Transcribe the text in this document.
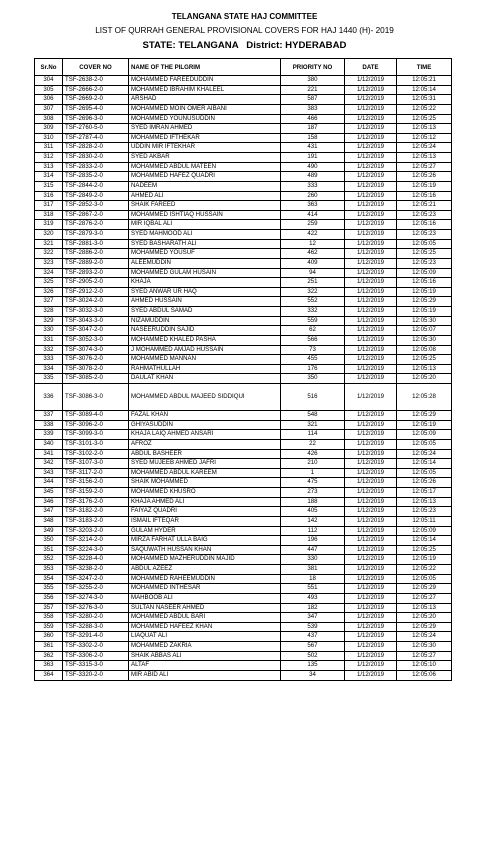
TELANGANA STATE HAJ COMMITTEE
LIST OF QURRAH GENERAL PROVISIONAL COVERS FOR HAJ 1440 (H)- 2019
STATE: TELANGANA   District: HYDERABAD
Sr.No	COVER NO	NAME OF THE PILGRIM	PRIORITY NO	DATE	TIME
304	TSF-2638-2-0	MOHAMMED FAREEDUDDIN	380	1/12/2019	12:05:21
305	TSF-2666-2-0	MOHAMMED IBRAHIM KHALEEL	221	1/12/2019	12:05:14
306	TSF-2669-2-0	ARSHAD	587	1/12/2019	12:05:31
307	TSF-2695-4-0	MOHAMMED MOIN OMER AIBANI	383	1/12/2019	12:05:22
308	TSF-2696-3-0	MOHAMMED YOUNUSUDDIN	466	1/12/2019	12:05:25
309	TSF-2760-5-0	SYED IMRAN AHMED	187	1/12/2019	12:05:13
310	TSF-2787-4-0	MOHAMMED IFTHEKAR	158	1/12/2019	12:05:12
311	TSF-2828-2-0	UDDIN MIR IFTEKHAR	431	1/12/2019	12:05:24
312	TSF-2830-2-0	SYED AKBAR	191	1/12/2019	12:05:13
313	TSF-2833-2-0	MOHAMMED ABDUL MATEEN	490	1/12/2019	12:05:27
314	TSF-2835-2-0	MOHAMMED HAFEZ QUADRI	489	1/12/2019	12:05:26
315	TSF-2844-2-0	NADEEM	333	1/12/2019	12:05:19
316	TSF-2849-2-0	AHMED ALI	260	1/12/2019	12:05:16
317	TSF-2852-3-0	SHAIK FAREED	363	1/12/2019	12:05:21
318	TSF-2867-2-0	MOHAMMED ISHTIAQ HUSSAIN	414	1/12/2019	12:05:23
319	TSF-2876-2-0	MIR IQBAL ALI	259	1/12/2019	12:05:16
320	TSF-2879-3-0	SYED MAHMOOD ALI	422	1/12/2019	12:05:23
321	TSF-2881-3-0	SYED BASHARATH ALI	12	1/12/2019	12:05:05
322	TSF-2886-2-0	MOHAMMED YOUSUF	462	1/12/2019	12:05:25
323	TSF-2889-2-0	ALEEMUDDIN	409	1/12/2019	12:05:23
324	TSF-2893-2-0	MOHAMMED GULAM HUSAIN	94	1/12/2019	12:05:09
325	TSF-2905-2-0	KHAJA	251	1/12/2019	12:05:16
326	TSF-2912-2-0	SYED ANWAR UR HAQ	322	1/12/2019	12:05:19
327	TSF-3024-2-0	AHMED HUSSAIN	552	1/12/2019	12:05:29
328	TSF-3032-3-0	SYED ABDUL SAMAD	332	1/12/2019	12:05:19
329	TSF-3043-3-0	NIZAMUDDIN	559	1/12/2019	12:05:30
330	TSF-3047-2-0	NASEERUDDIN SAJID	62	1/12/2019	12:05:07
331	TSF-3052-3-0	MOHAMMED KHALED PASHA	566	1/12/2019	12:05:30
332	TSF-3074-3-0	J MOHAMMED AMJAD HUSSAIN	73	1/12/2019	12:05:08
333	TSF-3076-2-0	MOHAMMED MANNAN	455	1/12/2019	12:05:25
334	TSF-3078-2-0	RAHMATHULLAH	176	1/12/2019	12:05:13
335	TSF-3085-2-0	DAULAT KHAN	350	1/12/2019	12:05:20
336	TSF-3086-3-0	MOHAMMED ABDUL MAJEED SIDDIQUI	516	1/12/2019	12:05:28
337	TSF-3089-4-0	FAZAL KHAN	548	1/12/2019	12:05:29
338	TSF-3096-2-0	GHIYASUDDIN	321	1/12/2019	12:05:19
339	TSF-3099-3-0	KHAJA LAIQ AHMED ANSARI	114	1/12/2019	12:05:09
340	TSF-3101-3-0	AFROZ	22	1/12/2019	12:05:05
341	TSF-3102-2-0	ABDUL BASHEER	426	1/12/2019	12:05:24
342	TSF-3107-3-0	SYED MUJEEB AHMED JAFRI	210	1/12/2019	12:05:14
343	TSF-3117-2-0	MOHAMMED ABDUL KAREEM	1	1/12/2019	12:05:05
344	TSF-3156-2-0	SHAIK MOHAMMED	475	1/12/2019	12:05:26
345	TSF-3159-2-0	MOHAMMED KHUSRO	273	1/12/2019	12:05:17
346	TSF-3176-2-0	KHAJA AHMED ALI	188	1/12/2019	12:05:13
347	TSF-3182-2-0	FAIYAZ QUADRI	405	1/12/2019	12:05:23
348	TSF-3183-2-0	ISMAIL IFTEQAR	142	1/12/2019	12:05:11
349	TSF-3203-2-0	GULAM HYDER	112	1/12/2019	12:05:09
350	TSF-3214-2-0	MIRZA FARHAT ULLA BAIG	196	1/12/2019	12:05:14
351	TSF-3224-3-0	SAQUWATH HUSSAN KHAN	447	1/12/2019	12:05:25
352	TSF-3228-4-0	MOHAMMED MAZHERUDDIN MAJID	330	1/12/2019	12:05:19
353	TSF-3238-2-0	ABDUL AZEEZ	381	1/12/2019	12:05:22
354	TSF-3247-2-0	MOHAMMED RAHEEMUDDIN	18	1/12/2019	12:05:05
355	TSF-3255-2-0	MOHAMMED INTHESAR	551	1/12/2019	12:05:29
356	TSF-3274-3-0	MAHBOOB ALI	493	1/12/2019	12:05:27
357	TSF-3276-3-0	SULTAN NASEER AHMED	182	1/12/2019	12:05:13
358	TSF-3280-2-0	MOHAMMED ABDUL BARI	347	1/12/2019	12:05:20
359	TSF-3288-3-0	MOHAMMED HAFEEZ KHAN	539	1/12/2019	12:05:29
360	TSF-3291-4-0	LIAQUAT ALI	437	1/12/2019	12:05:24
361	TSF-3302-2-0	MOHAMMED ZAKRIA	567	1/12/2019	12:05:30
362	TSF-3306-2-0	SHAIK ABBAS ALI	502	1/12/2019	12:05:27
363	TSF-3315-3-0	ALTAF	135	1/12/2019	12:05:10
364	TSF-3320-2-0	MIR ABID ALI	34	1/12/2019	12:05:06
